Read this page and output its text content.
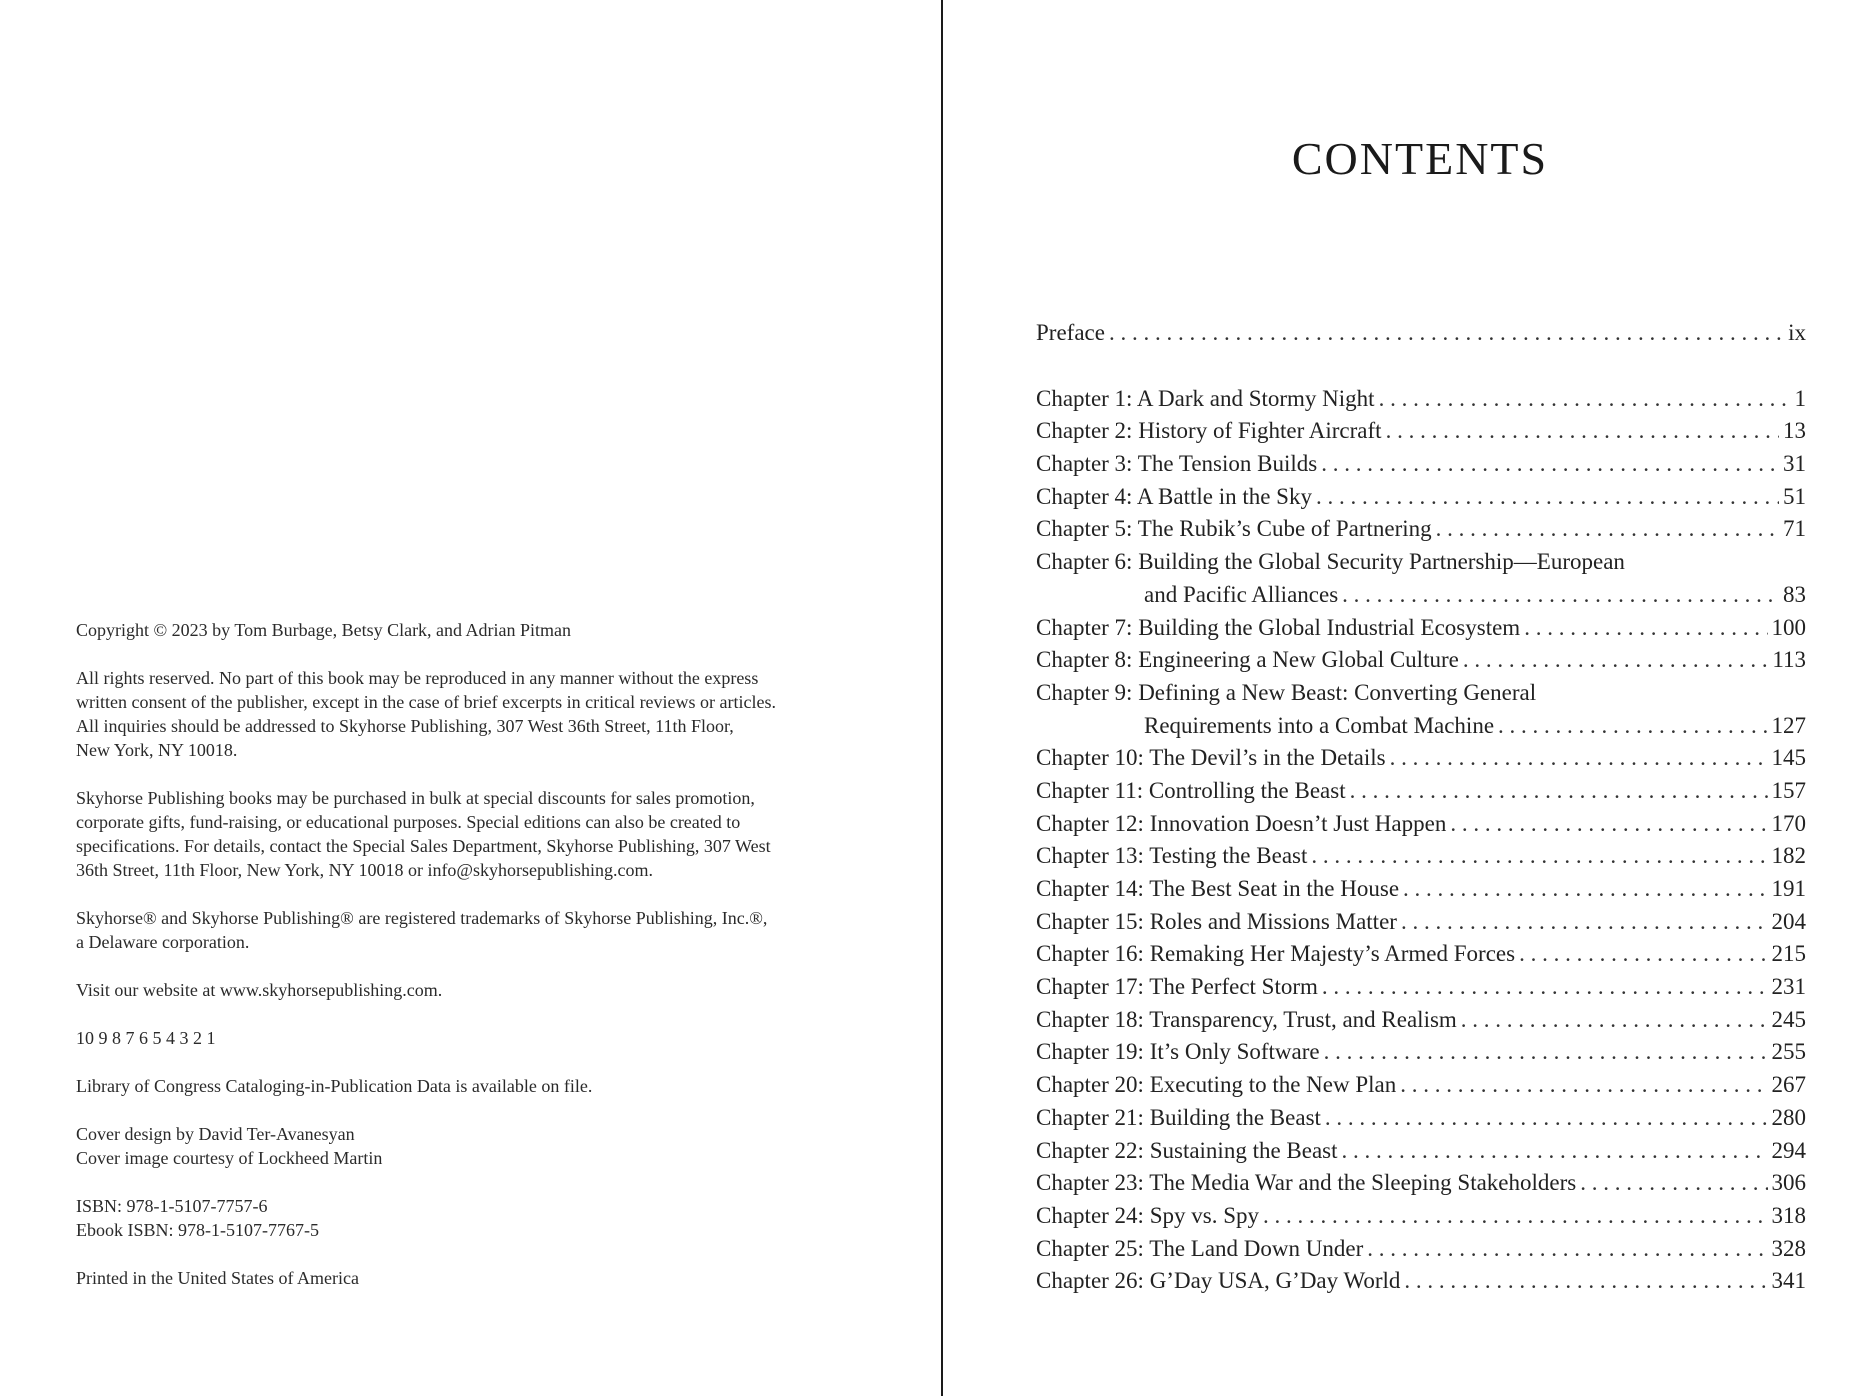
Copyright © 2023 by Tom Burbage, Betsy Clark, and Adrian Pitman

All rights reserved. No part of this book may be reproduced in any manner without the express
written consent of the publisher, except in the case of brief excerpts in critical reviews or articles.
All inquiries should be addressed to Skyhorse Publishing, 307 West 36th Street, 11th Floor,
New York, NY 10018.

Skyhorse Publishing books may be purchased in bulk at special discounts for sales promotion,
corporate gifts, fund-raising, or educational purposes. Special editions can also be created to
specifications. For details, contact the Special Sales Department, Skyhorse Publishing, 307 West
36th Street, 11th Floor, New York, NY 10018 or info@skyhorsepublishing.com.

Skyhorse® and Skyhorse Publishing® are registered trademarks of Skyhorse Publishing, Inc.®,
a Delaware corporation.

Visit our website at www.skyhorsepublishing.com.

10 9 8 7 6 5 4 3 2 1

Library of Congress Cataloging-in-Publication Data is available on file.

Cover design by David Ter-Avanesyan
Cover image courtesy of Lockheed Martin

ISBN: 978-1-5107-7757-6
Ebook ISBN: 978-1-5107-7767-5

Printed in the United States of America

CONTENTS
Preface . . .	ix
Chapter 1: A Dark and Stormy Night . . .	1
Chapter 2: History of Fighter Aircraft . . .	13
Chapter 3: The Tension Builds . . .	31
Chapter 4: A Battle in the Sky . . .	51
Chapter 5: The Rubik’s Cube of Partnering . . .	71
Chapter 6: Building the Global Security Partnership—European
and Pacific Alliances . . .	83
Chapter 7: Building the Global Industrial Ecosystem . . .	100
Chapter 8: Engineering a New Global Culture . . .	113
Chapter 9: Defining a New Beast: Converting General
Requirements into a Combat Machine . . .	127
Chapter 10: The Devil’s in the Details . . .	145
Chapter 11: Controlling the Beast . . .	157
Chapter 12: Innovation Doesn’t Just Happen . . .	170
Chapter 13: Testing the Beast . . .	182
Chapter 14: The Best Seat in the House . . .	191
Chapter 15: Roles and Missions Matter . . .	204
Chapter 16: Remaking Her Majesty’s Armed Forces . . .	215
Chapter 17: The Perfect Storm . . .	231
Chapter 18: Transparency, Trust, and Realism . . .	245
Chapter 19: It’s Only Software . . .	255
Chapter 20: Executing to the New Plan . . .	267
Chapter 21: Building the Beast . . .	280
Chapter 22: Sustaining the Beast . . .	294
Chapter 23: The Media War and the Sleeping Stakeholders . . .	306
Chapter 24: Spy vs. Spy . . .	318
Chapter 25: The Land Down Under . . .	328
Chapter 26: G’Day USA, G’Day World . . .	341
